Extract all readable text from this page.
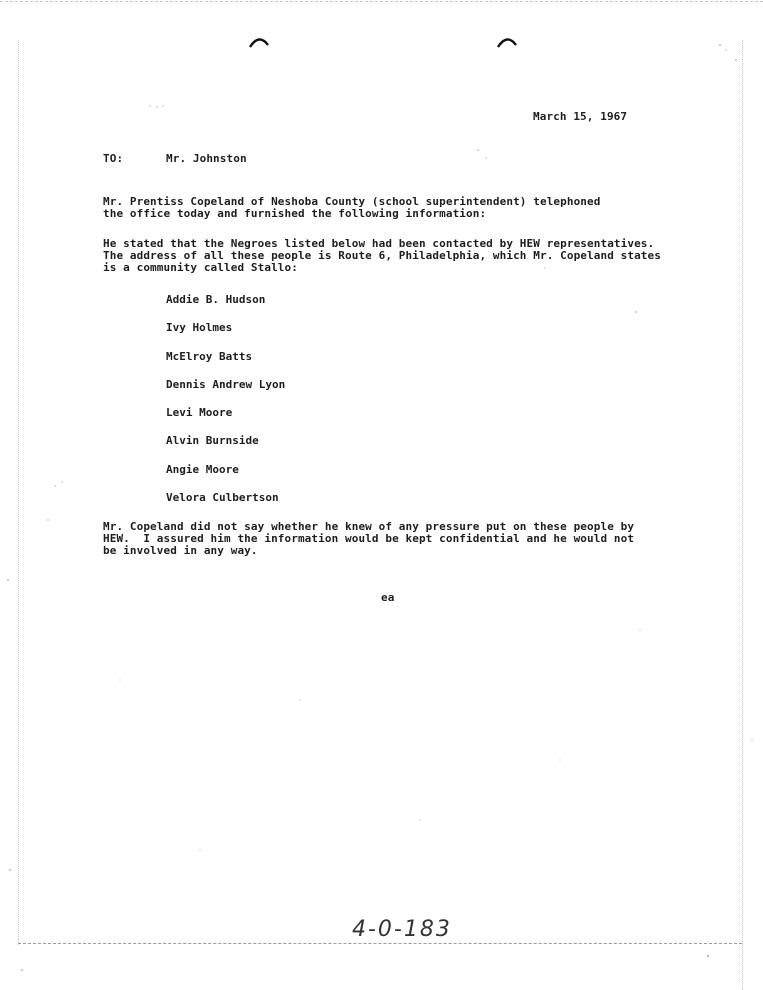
March 15, 1967
TO:	Mr. Johnston
Mr. Prentiss Copeland of Neshoba County (school superintendent) telephoned
the office today and furnished the following information:
He stated that the Negroes listed below had been contacted by HEW representatives.
The address of all these people is Route 6, Philadelphia, which Mr. Copeland states
is a community called Stallo:
Addie B. Hudson
Ivy Holmes
McElroy Batts
Dennis Andrew Lyon
Levi Moore
Alvin Burnside
Angie Moore
Velora Culbertson
Mr. Copeland did not say whether he knew of any pressure put on these people by
HEW.  I assured him the information would be kept confidential and he would not
be involved in any way.
ea
4-0-183
